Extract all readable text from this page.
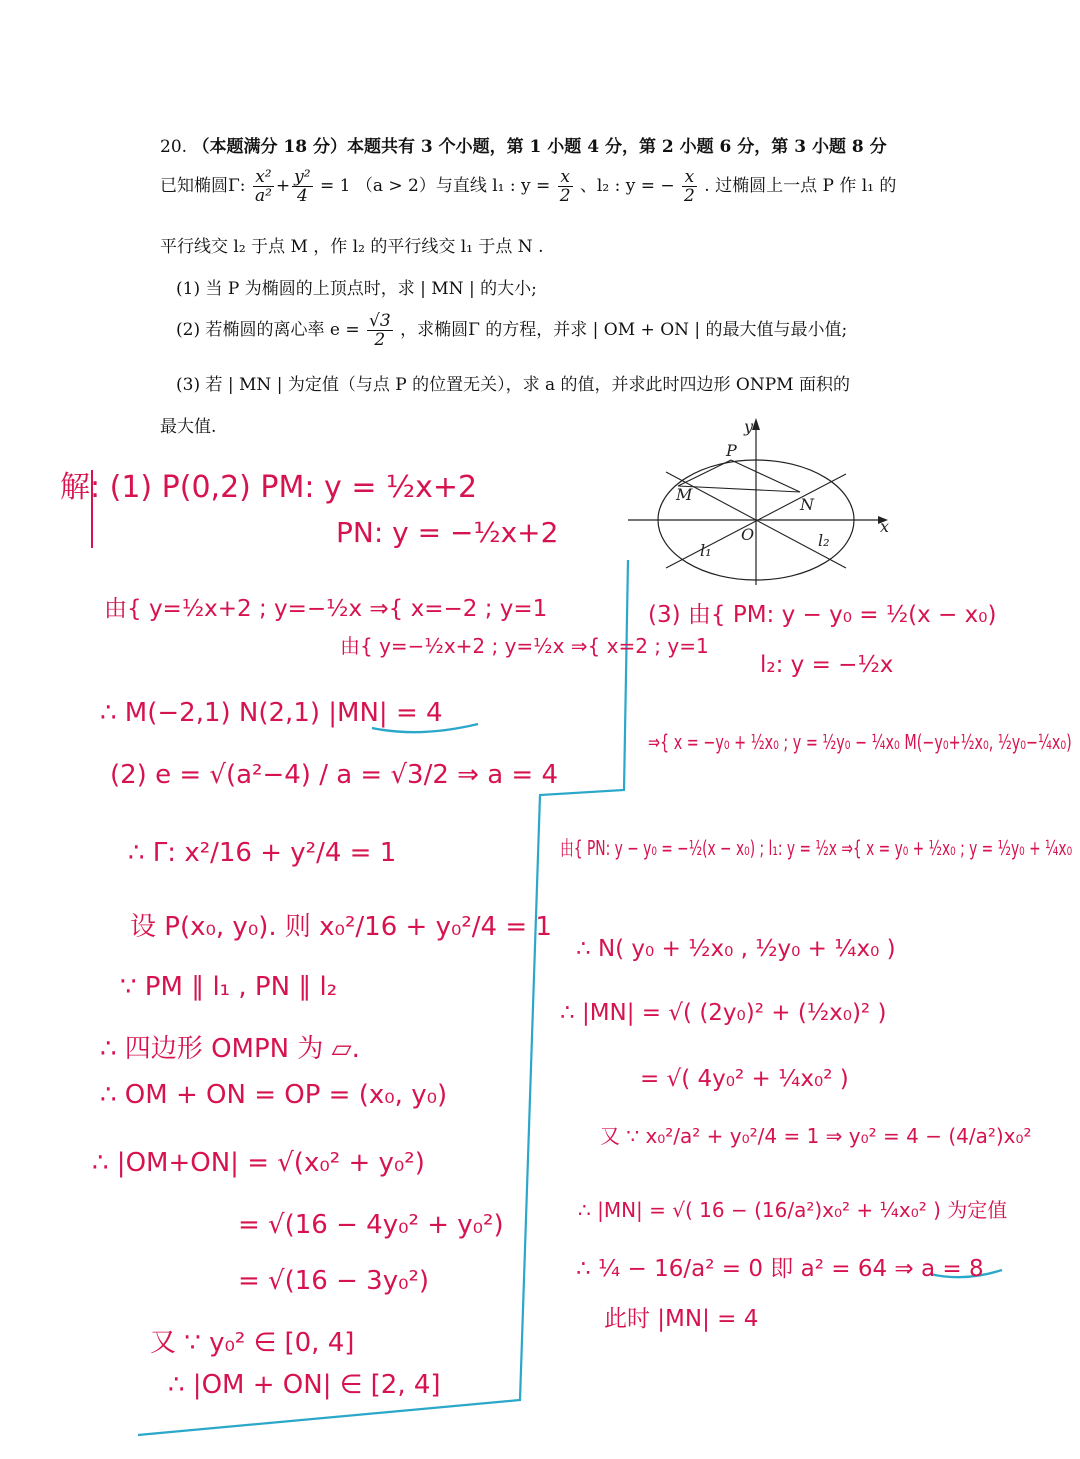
20. （本题满分 18 分）本题共有 3 个小题，第 1 小题 4 分，第 2 小题 6 分，第 3 小题 8 分
已知椭圆Γ: $\frac{\text{x²}}{\text{a²}} + \frac{\text{y²}}{4} = 1$ （a > 2）与直线 l₁ : $y = \frac{x}{2}$ 、l₂ : y = − $\frac{x}{2}$ . 过椭圆上一点 P 作 l₁ 的
平行线交 l₂ 于点 M ，作 l₂ 的平行线交 l₁ 于点 N .
(1) 当 P 为椭圆的上顶点时，求 | MN | 的大小;
(2) 若椭圆的离心率 $e = \frac{√3}{2}$ ，求椭圆Γ 的方程，并求 | OM + ON | 的最大值与最小值;
(3) 若 | MN | 为定值（与点 P 的位置无关），求 a 的值，并求此时四边形 ONPM 面积的
最大值.	y
x
P
M
N
O
l₁
l₂
解: (1) P(0,2) PM: y = ½x+2
PN: y = −½x+2
由{ y=½x+2 ; y=−½x ⇒{ x=−2 ; y=1
由{ y=−½x+2 ; y=½x ⇒{ x=2 ; y=1
∴ M(−2,1) N(2,1) |MN| = 4
(2) e = √(a²−4) / a = √3/2 ⇒ a = 4
∴ Γ: x²/16 + y²/4 = 1
设 P(x₀, y₀). 则 x₀²/16 + y₀²/4 = 1
∵ PM ∥ l₁ , PN ∥ l₂
∴ 四边形 OMPN 为 ▱.
∴ OM + ON = OP = (x₀, y₀)
∴ |OM+ON| = √(x₀² + y₀²)
= √(16 − 4y₀² + y₀²)
= √(16 − 3y₀²)
又 ∵ y₀² ∈ [0, 4]
∴ |OM + ON| ∈ [2, 4]
(3) 由{ PM: y − y₀ = ½(x − x₀)
l₂: y = −½x
⇒{ x = −y₀ + ½x₀ ; y = ½y₀ − ¼x₀ M(−y₀+½x₀, ½y₀−¼x₀)
由{ PN: y − y₀ = −½(x − x₀) ; l₁: y = ½x ⇒{ x = y₀ + ½x₀ ; y = ½y₀ + ¼x₀
∴ N( y₀ + ½x₀ , ½y₀ + ¼x₀ )
∴ |MN| = √( (2y₀)² + (½x₀)² )
= √( 4y₀² + ¼x₀² )
又 ∵ x₀²/a² + y₀²/4 = 1 ⇒ y₀² = 4 − (4/a²)x₀²
∴ |MN| = √( 16 − (16/a²)x₀² + ¼x₀² ) 为定值
∴ ¼ − 16/a² = 0 即 a² = 64 ⇒ a = 8
此时 |MN| = 4
